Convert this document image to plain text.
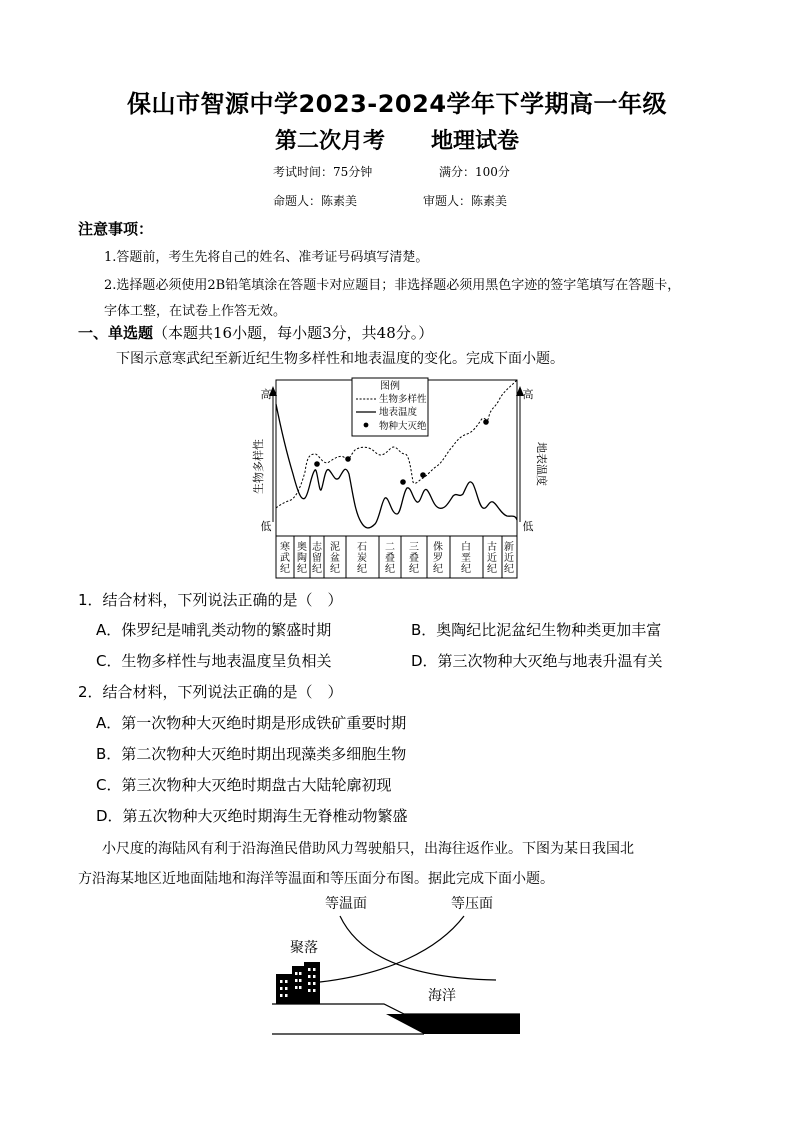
保山市智源中学2023-2024学年下学期高一年级
第二次月考 地理试卷
考试时间：75分钟	满分：100分
命题人：陈素美	审题人：陈素美
注意事项：
1.答题前，考生先将自己的姓名、准考证号码填写清楚。
2.选择题必须使用2B铅笔填涂在答题卡对应题目；非选择题必须用黑色字迹的签字笔填写在答题卡，
字体工整，在试卷上作答无效。
一、单选题（本题共16小题，每小题3分，共48分。）
下图示意寒武纪至新近纪生物多样性和地表温度的变化。完成下面小题。
高
低
生物多样性
高
低
地表温度
寒武纪
奥陶纪
志留纪
泥盆纪
石炭纪
二叠纪
三叠纪
侏罗纪
白垩纪
古近纪
新近纪
图例
生物多样性
地表温度
物种大灭绝
1．结合材料，下列说法正确的是（　）
A．侏罗纪是哺乳类动物的繁盛时期	B．奥陶纪比泥盆纪生物种类更加丰富
C．生物多样性与地表温度呈负相关	D．第三次物种大灭绝与地表升温有关
2．结合材料，下列说法正确的是（　）
A．第一次物种大灭绝时期是形成铁矿重要时期
B．第二次物种大灭绝时期出现藻类多细胞生物
C．第三次物种大灭绝时期盘古大陆轮廓初现
D．第五次物种大灭绝时期海生无脊椎动物繁盛
小尺度的海陆风有利于沿海渔民借助风力驾驶船只，出海往返作业。下图为某日我国北
方沿海某地区近地面陆地和海洋等温面和等压面分布图。据此完成下面小题。
等温面	等压面
聚落
海洋
